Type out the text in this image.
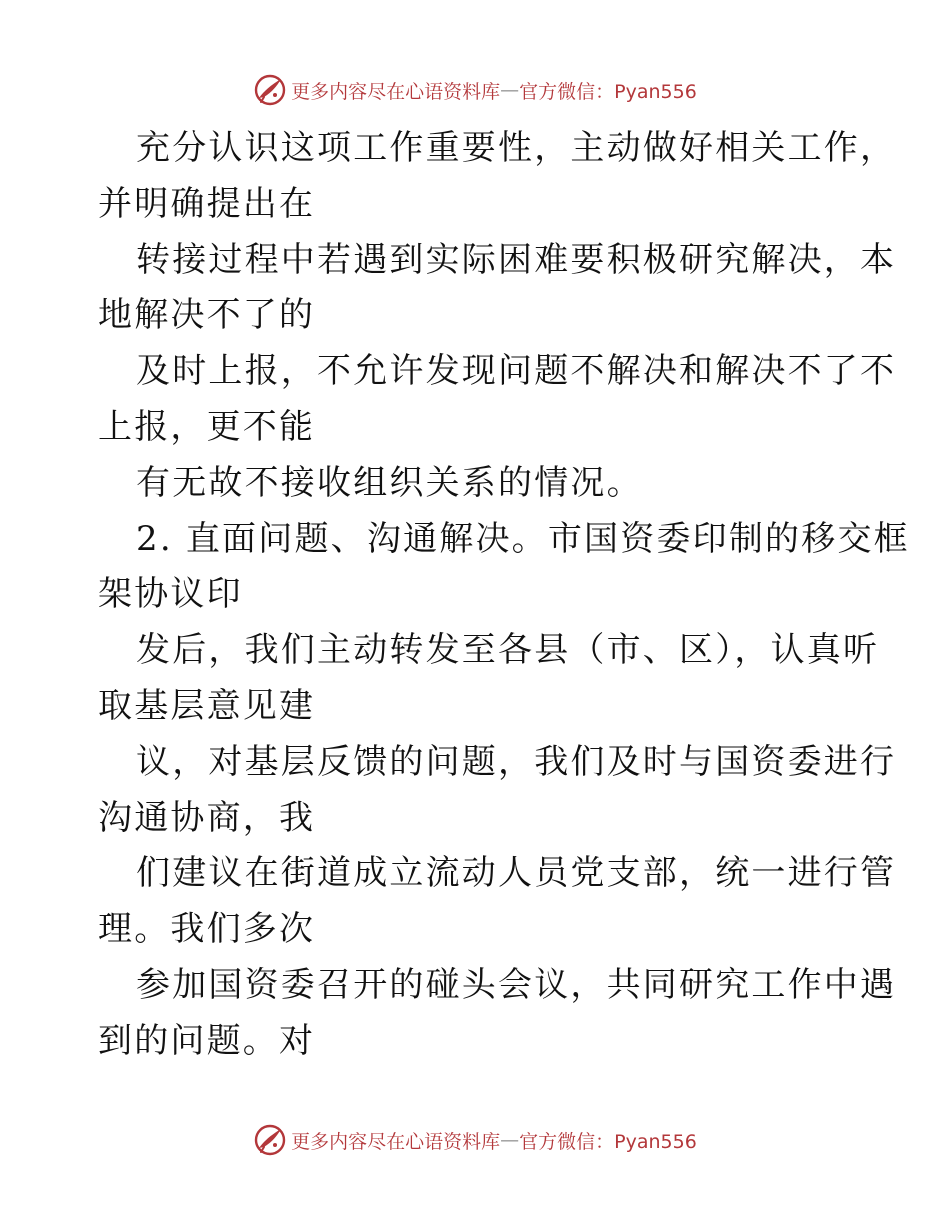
更多内容尽在心语资料库 — 官方微信：Pyan556
充分认识这项工作重要性，主动做好相关工作，
并明确提出在
转接过程中若遇到实际困难要积极研究解决，本
地解决不了的
及时上报，不允许发现问题不解决和解决不了不
上报，更不能
有无故不接收组织关系的情况。
2. 直面问题、沟通解决。市国资委印制的移交框
架协议印
发后，我们主动转发至各县（市、区），认真听
取基层意见建
议，对基层反馈的问题，我们及时与国资委进行
沟通协商，我
们建议在街道成立流动人员党支部，统一进行管
理。我们多次
参加国资委召开的碰头会议，共同研究工作中遇
到的问题。对
更多内容尽在心语资料库 — 官方微信：Pyan556
